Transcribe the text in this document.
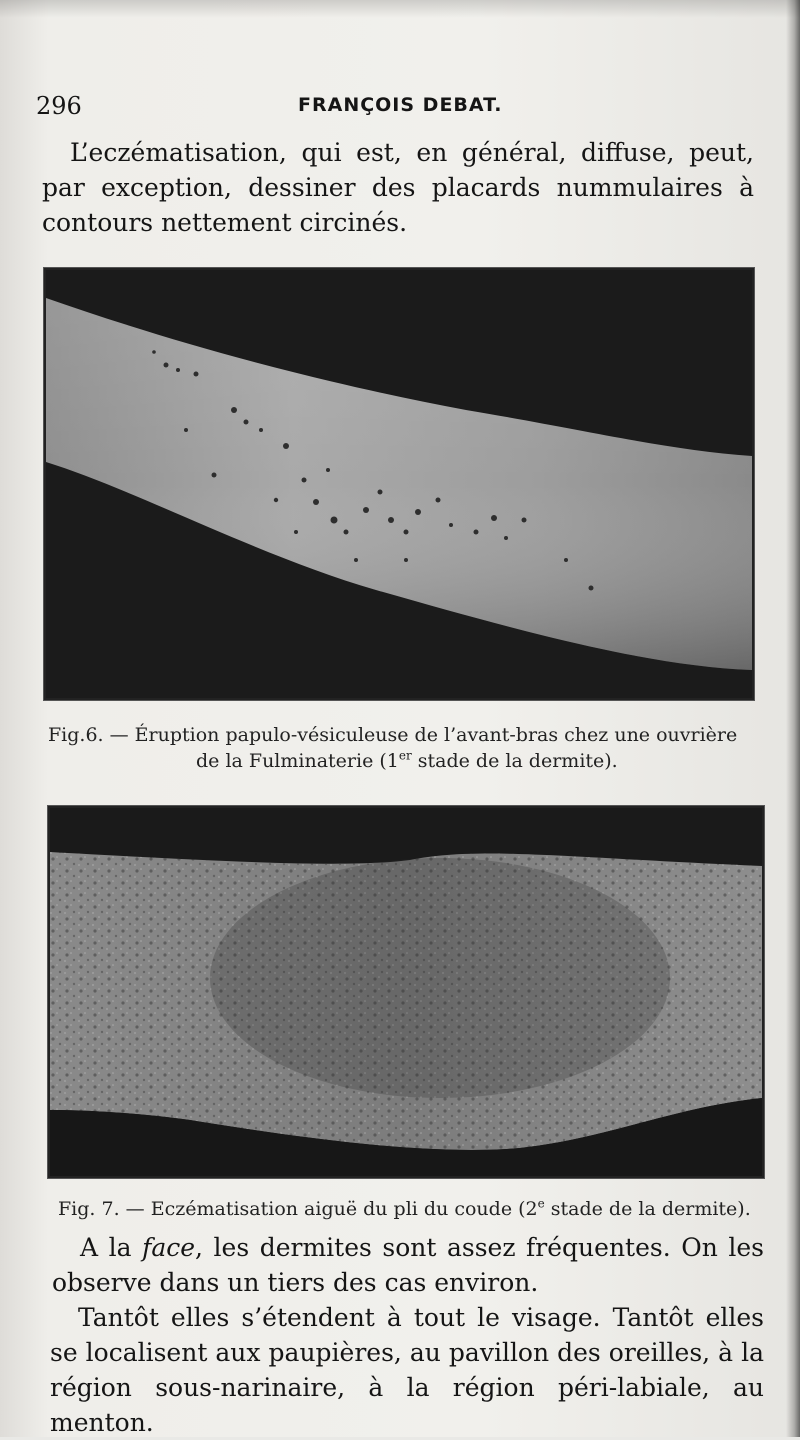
296	FRANÇOIS DEBAT.

L’eczématisation, qui est, en général, diffuse, peut, par exception, dessiner des placards nummulaires à contours nettement circinés.

Fig.6. — Éruption papulo-vésiculeuse de l’avant-bras chez une ouvrière

de la Fulminaterie (1er stade de la dermite).

Fig. 7. — Eczématisation aiguë du pli du coude (2e stade de la dermite).

A la face, les dermites sont assez fréquentes. On les observe dans un tiers des cas environ.

Tantôt elles s’étendent à tout le visage. Tantôt elles se localisent aux paupières, au pavillon des oreilles, à la région sous-narinaire, à la région péri-labiale, au menton.
